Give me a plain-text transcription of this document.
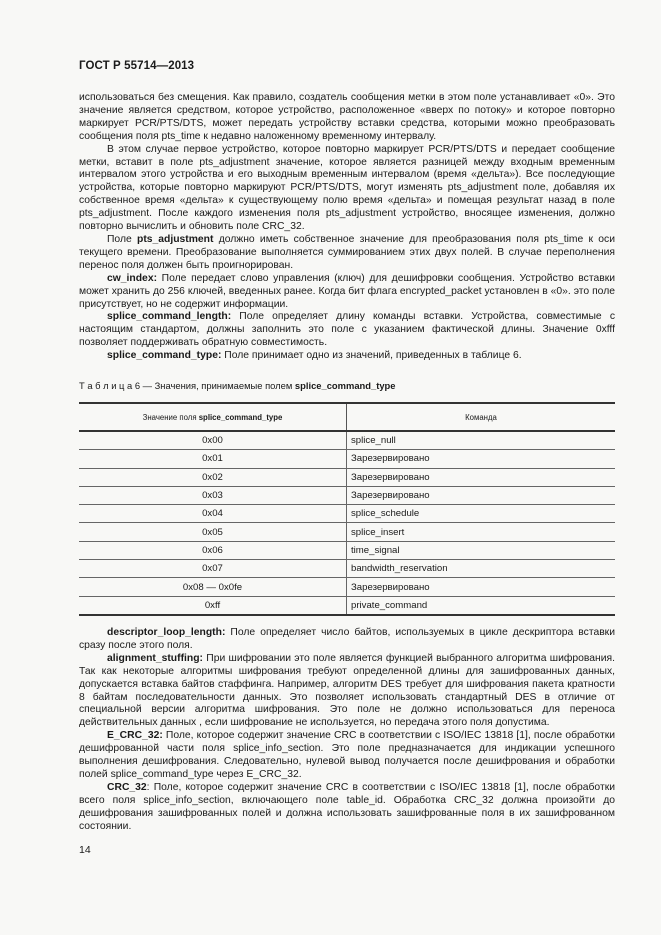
ГОСТ Р 55714—2013

использоваться без смещения. Как правило, создатель сообщения метки в этом поле устанавливает «0». Это значение является средством, которое устройство, расположенное «вверх по потоку» и которое повторно маркирует PCR/PTS/DTS, может передать устройству вставки средства, которыми можно преобразовать сообщения поля pts_time к недавно наложенному временному интервалу.

В этом случае первое устройство, которое повторно маркирует PCR/PTS/DTS и передает сообщение метки, вставит в поле pts_adjustment значение, которое является разницей между входным временным интервалом этого устройства и его выходным временным интервалом (время «дельта»). Все последующие устройства, которые повторно маркируют PCR/PTS/DTS, могут изменять pts_adjustment поле, добавляя их собственное время «дельта» к существующему полю время «дельта» и помещая результат назад в поле pts_adjustment. После каждого изменения поля pts_adjustment устройство, вносящее изменения, должно повторно вычислить и обновить поле CRC_32.

Поле pts_adjustment должно иметь собственное значение для преобразования поля pts_time к оси текущего времени. Преобразование выполняется суммированием этих двух полей. В случае переполнения перенос поля должен быть проигнорирован.

cw_index: Поле передает слово управления (ключ) для дешифровки сообщения. Устройство вставки может хранить до 256 ключей, введенных ранее. Когда бит флага encrypted_packet установлен в «0». это поле присутствует, но не содержит информации.

splice_command_length: Поле определяет длину команды вставки. Устройства, совместимые с настоящим стандартом, должны заполнить это поле с указанием фактической длины. Значение 0xfff позволяет поддерживать обратную совместимость.

splice_command_type: Поле принимает одно из значений, приведенных в таблице 6.

Т а б л и ц а 6 — Значения, принимаемые полем splice_command_type
Значение поля splice_command_type	Команда
0x00	splice_null
0x01	Зарезервировано
0x02	Зарезервировано
0x03	Зарезервировано
0x04	splice_schedule
0x05	splice_insert
0x06	time_signal
0x07	bandwidth_reservation
0x08 — 0x0fe	Зарезервировано
0xff	private_command

descriptor_loop_length: Поле определяет число байтов, используемых в цикле дескриптора вставки сразу после этого поля.

alignment_stuffing: При шифровании это поле является функцией выбранного алгоритма шифрования. Так как некоторые алгоритмы шифрования требуют определенной длины для зашифрованных данных, допускается вставка байтов стаффинга. Например, алгоритм DES требует для шифрования пакета кратности 8 байтам последовательности данных. Это позволяет использовать стандартный DES в отличие от специальной версии алгоритма шифрования. Это поле не должно использоваться для переноса действительных данных , если шифрование не используется, но передача этого поля допустима.

E_CRC_32: Поле, которое содержит значение CRC в соответствии с ISO/IEC 13818 [1], после обработки дешифрованной части поля splice_info_section. Это поле предназначается для индикации успешного выполнения дешифрования. Следовательно, нулевой вывод получается после дешифрования и обработки полей splice_command_type через E_CRC_32.

CRC_32: Поле, которое содержит значение CRC в соответствии с ISO/IEC 13818 [1], после обработки всего поля splice_info_section, включающего поле table_id. Обработка CRC_32 должна произойти до дешифрования зашифрованных полей и должна использовать зашифрованные поля в их зашифрованном состоянии.

14
